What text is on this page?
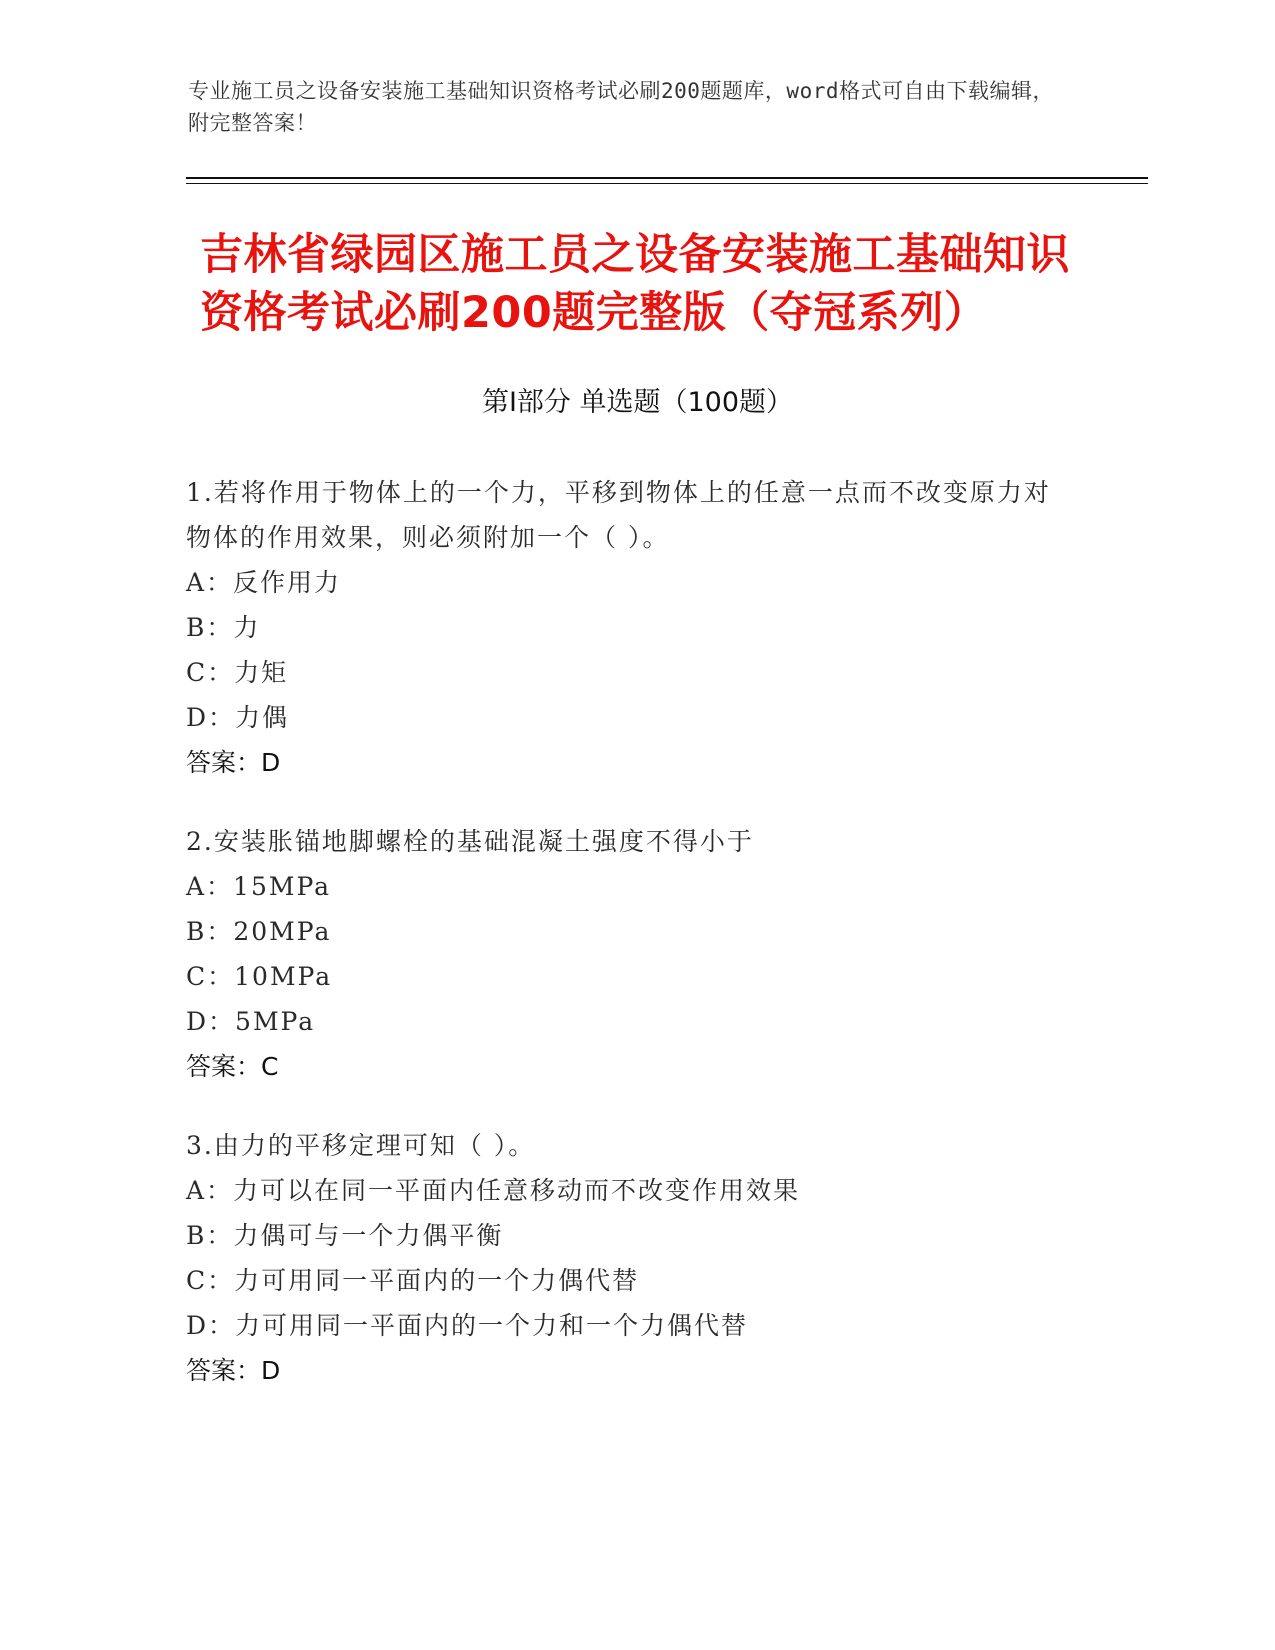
专业施工员之设备安装施工基础知识资格考试必刷200题题库，word格式可自由下载编辑，附完整答案！
吉林省绿园区施工员之设备安装施工基础知识资格考试必刷200题完整版（夺冠系列）
第Ⅰ部分 单选题（100题）
1.若将作用于物体上的一个力，平移到物体上的任意一点而不改变原力对物体的作用效果，则必须附加一个（ ）。
A：反作用力
B：力
C：力矩
D：力偶
答案：D
2.安装胀锚地脚螺栓的基础混凝土强度不得小于
A：15MPa
B：20MPa
C：10MPa
D：5MPa
答案：C
3.由力的平移定理可知（ ）。
A：力可以在同一平面内任意移动而不改变作用效果
B：力偶可与一个力偶平衡
C：力可用同一平面内的一个力偶代替
D：力可用同一平面内的一个力和一个力偶代替
答案：D
